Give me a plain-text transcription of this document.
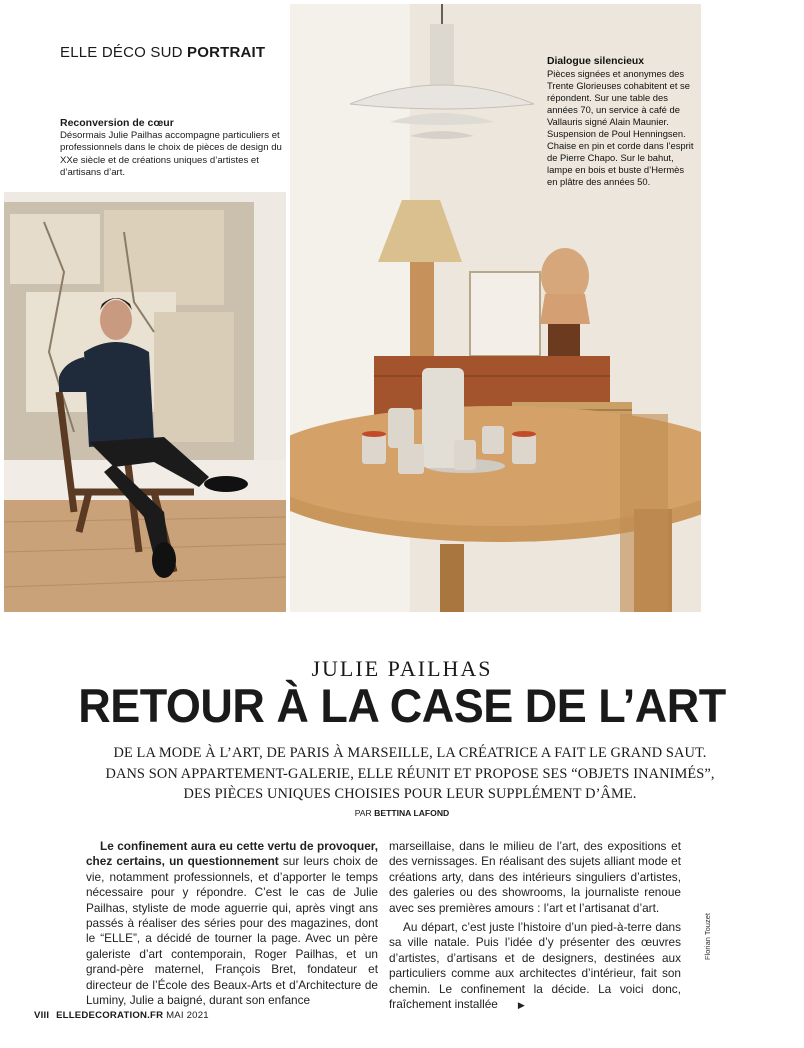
ELLE DÉCO SUD PORTRAIT
Reconversion de cœur
Désormais Julie Pailhas accompagne particuliers et professionnels dans le choix de pièces de design du XXe siècle et de créations uniques d’artistes et d’artisans d’art.
Dialogue silencieux
Pièces signées et anonymes des Trente Glorieuses cohabitent et se répondent. Sur une table des années 70, un service à café de Vallauris signé Alain Maunier. Suspension de Poul Henningsen. Chaise en pin et corde dans l’esprit de Pierre Chapo. Sur le bahut, lampe en bois et buste d’Hermès en plâtre des années 50.
JULIE PAILHAS
RETOUR À LA CASE DE L’ART
DE LA MODE À L’ART, DE PARIS À MARSEILLE, LA CRÉATRICE A FAIT LE GRAND SAUT. DANS SON APPARTEMENT-GALERIE, ELLE RÉUNIT ET PROPOSE SES “OBJETS INANIMÉS”, DES PIÈCES UNIQUES CHOISIES POUR LEUR SUPPLÉMENT D’ÂME.
PAR BETTINA LAFOND

Le confinement aura eu cette vertu de provoquer, chez certains, un questionnement sur leurs choix de vie, notamment professionnels, et d’apporter le temps nécessaire pour y répondre. C’est le cas de Julie Pailhas, styliste de mode aguerrie qui, après vingt ans passés à réaliser des séries pour des magazines, dont le “ELLE”, a décidé de tourner la page. Avec un père galeriste d’art contemporain, Roger Pailhas, et un grand-père maternel, François Bret, fondateur et directeur de l’École des Beaux-Arts et d’Architecture de Luminy, Julie a baigné, durant son enfance

marseillaise, dans le milieu de l’art, des expositions et des vernissages. En réalisant des sujets alliant mode et créations arty, dans des intérieurs singuliers d’artistes, des galeries ou des showrooms, la journaliste renoue avec ses premières amours : l’art et l’artisanat d’art.

Au départ, c’est juste l’histoire d’un pied-à-terre dans sa ville natale. Puis l’idée d’y présenter des œuvres d’artistes, d’artisans et de designers, destinées aux particuliers comme aux architectes d’intérieur, fait son chemin. Le confinement la décide. La voici donc, fraîchement installée ▶

Florian Touzet
VIII ELLEDECORATION.FR MAI 2021
